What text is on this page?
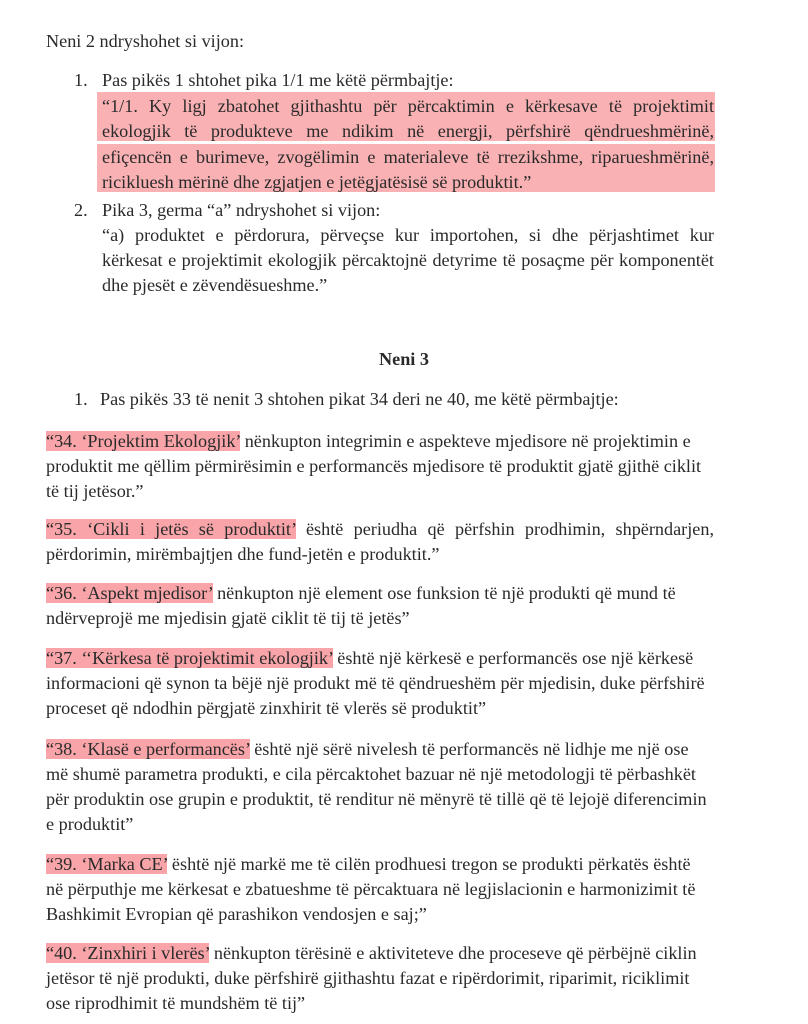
Neni 2 ndryshohet si vijon:
1. Pas pikës 1 shtohet pika 1/1 me këtë përmbajtje:
“1/1. Ky ligj zbatohet gjithashtu për përcaktimin e kërkesave të projektimit
ekologjik të produkteve me ndikim në energji, përfshirë qëndrueshmërinë,
efiçencën e burimeve, zvogëlimin e materialeve të rrezikshme, riparueshmërinë,
ricikluesh mërinë dhe zgjatjen e jetëgjatësisë së produktit.”
2. Pika 3, germa “a” ndryshohet si vijon:
“a) produktet e përdorura, përveçse kur importohen, si dhe përjashtimet kur
kërkesat e projektimit ekologjik përcaktojnë detyrime të posaçme për komponentët
dhe pjesët e zëvendësueshme.”
Neni 3
1. Pas pikës 33 të nenit 3 shtohen pikat 34 deri ne 40, me këtë përmbajtje:
“34. ‘Projektim Ekologjik’ nënkupton integrimin e aspekteve mjedisore në projektimin e
produktit me qëllim përmirësimin e performancës mjedisore të produktit gjatë gjithë ciklit
të tij jetësor.”
“35. ‘Cikli i jetës së produktit’ është periudha që përfshin prodhimin, shpërndarjen,
përdorimin, mirëmbajtjen dhe fund-jetën e produktit.”
“36. ‘Aspekt mjedisor’ nënkupton një element ose funksion të një produkti që mund të
ndërveprojë me mjedisin gjatë ciklit të tij të jetës”
“37. ‘‘Kërkesa të projektimit ekologjik’ është një kërkesë e performancës ose një kërkesë
informacioni që synon ta bëjë një produkt më të qëndrueshëm për mjedisin, duke përfshirë
proceset që ndodhin përgjatë zinxhirit të vlerës së produktit”
“38. ‘Klasë e performancës’ është një sërë nivelesh të performancës në lidhje me një ose
më shumë parametra produkti, e cila përcaktohet bazuar në një metodologji të përbashkët
për produktin ose grupin e produktit, të renditur në mënyrë të tillë që të lejojë diferencimin
e produktit”
“39. ‘Marka CE’ është një markë me të cilën prodhuesi tregon se produkti përkatës është
në përputhje me kërkesat e zbatueshme të përcaktuara në legjislacionin e harmonizimit të
Bashkimit Evropian që parashikon vendosjen e saj;”
“40. ‘Zinxhiri i vlerës’ nënkupton tërësinë e aktiviteteve dhe proceseve që përbëjnë ciklin
jetësor të një produkti, duke përfshirë gjithashtu fazat e ripërdorimit, riparimit, riciklimit
ose riprodhimit të mundshëm të tij”
